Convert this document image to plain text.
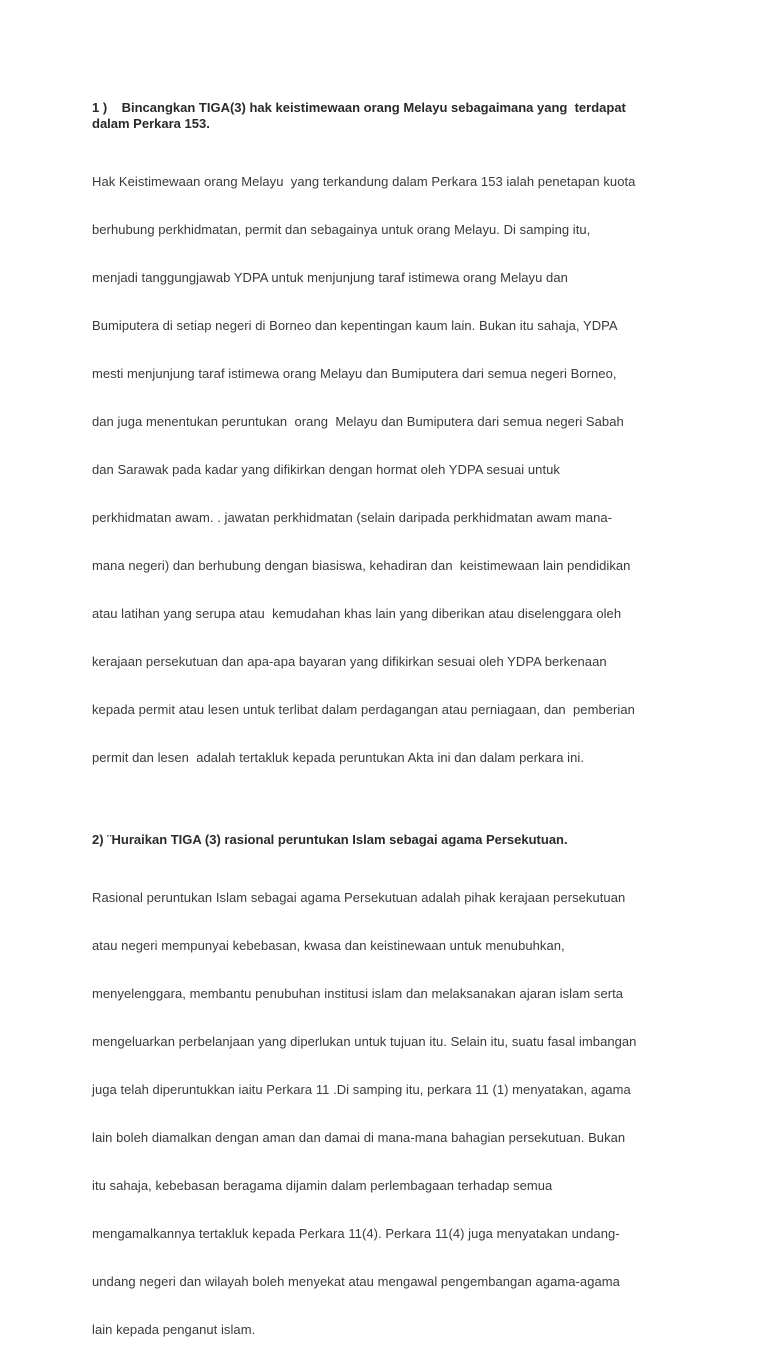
1 )    Bincangkan TIGA(3) hak keistimewaan orang Melayu sebagaimana yang  terdapat
dalam Perkara 153.

Hak Keistimewaan orang Melayu  yang terkandung dalam Perkara 153 ialah penetapan kuota

berhubung perkhidmatan, permit dan sebagainya untuk orang Melayu. Di samping itu,

menjadi tanggungjawab YDPA untuk menjunjung taraf istimewa orang Melayu dan

Bumiputera di setiap negeri di Borneo dan kepentingan kaum lain. Bukan itu sahaja, YDPA

mesti menjunjung taraf istimewa orang Melayu dan Bumiputera dari semua negeri Borneo,

dan juga menentukan peruntukan  orang  Melayu dan Bumiputera dari semua negeri Sabah

dan Sarawak pada kadar yang difikirkan dengan hormat oleh YDPA sesuai untuk

perkhidmatan awam. . jawatan perkhidmatan (selain daripada perkhidmatan awam mana-

mana negeri) dan berhubung dengan biasiswa, kehadiran dan  keistimewaan lain pendidikan

atau latihan yang serupa atau  kemudahan khas lain yang diberikan atau diselenggara oleh

kerajaan persekutuan dan apa-apa bayaran yang difikirkan sesuai oleh YDPA berkenaan

kepada permit atau lesen untuk terlibat dalam perdagangan atau perniagaan, dan  pemberian

permit dan lesen  adalah tertakluk kepada peruntukan Akta ini dan dalam perkara ini.

2) ¨Huraikan TIGA (3) rasional peruntukan Islam sebagai agama Persekutuan.

Rasional peruntukan Islam sebagai agama Persekutuan adalah pihak kerajaan persekutuan

atau negeri mempunyai kebebasan, kwasa dan keistinewaan untuk menubuhkan,

menyelenggara, membantu penubuhan institusi islam dan melaksanakan ajaran islam serta

mengeluarkan perbelanjaan yang diperlukan untuk tujuan itu. Selain itu, suatu fasal imbangan

juga telah diperuntukkan iaitu Perkara 11 .Di samping itu, perkara 11 (1) menyatakan, agama

lain boleh diamalkan dengan aman dan damai di mana-mana bahagian persekutuan. Bukan

itu sahaja, kebebasan beragama dijamin dalam perlembagaan terhadap semua

mengamalkannya tertakluk kepada Perkara 11(4). Perkara 11(4) juga menyatakan undang-

undang negeri dan wilayah boleh menyekat atau mengawal pengembangan agama-agama

lain kepada penganut islam.
